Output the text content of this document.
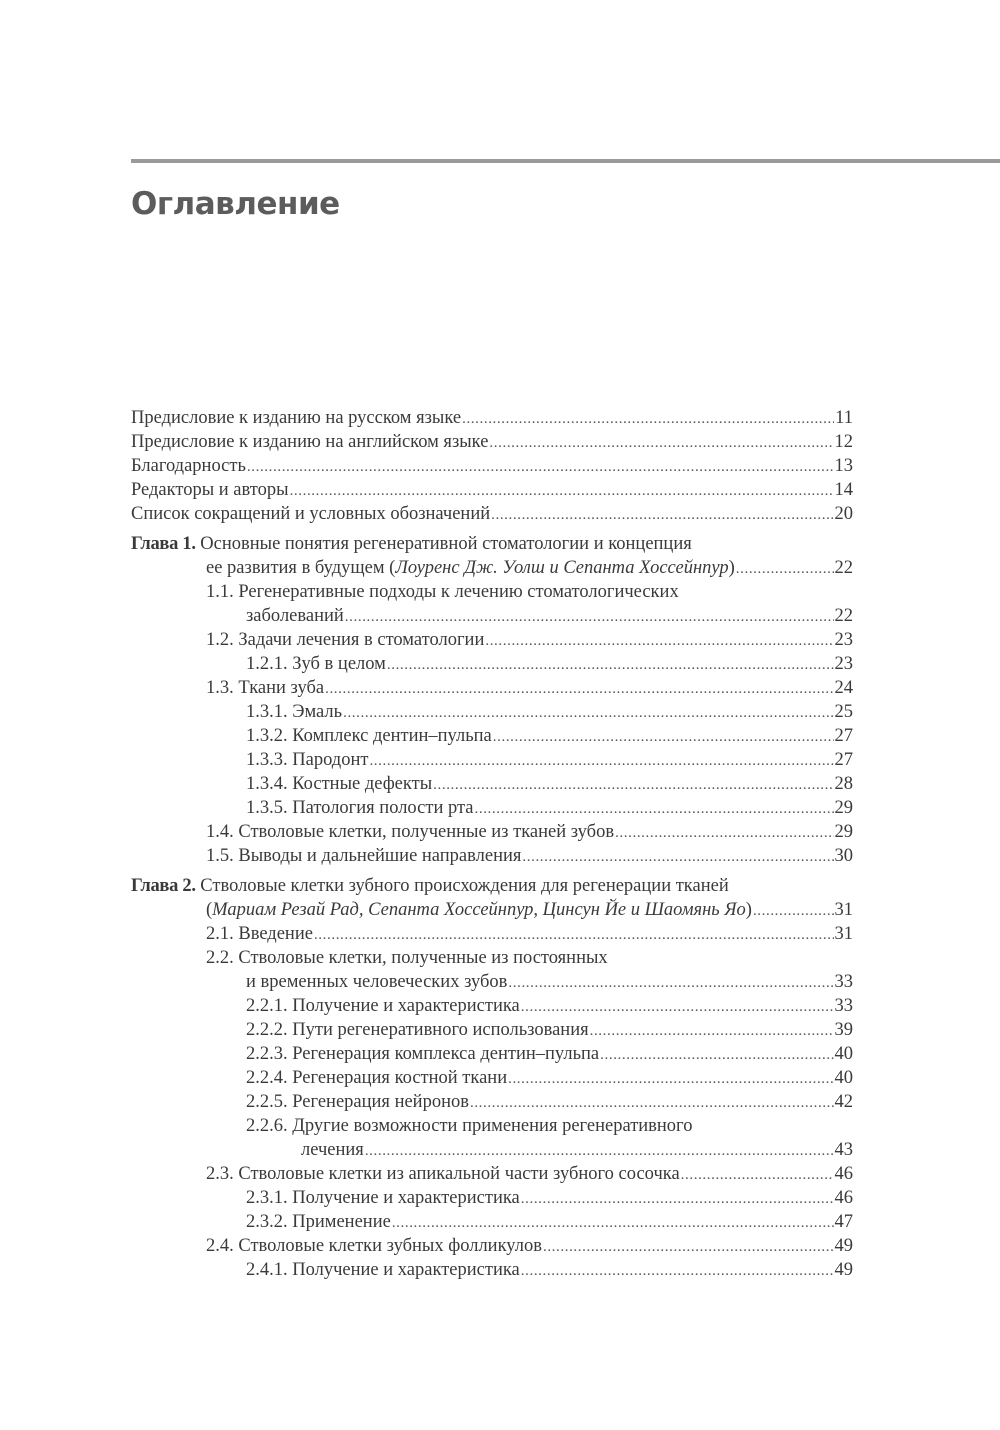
Оглавление
Предисловие к изданию на русском языке .....	11
Предисловие к изданию на английском языке .....	12
Благодарность .....	13
Редакторы и авторы .....	14
Список сокращений и условных обозначений .....	20
Глава 1. Основные понятия регенеративной стоматологии и концепция
ее развития в будущем (Лоуренс Дж. Уолш и Сепанта Хоссейнпур) .....	22
1.1. Регенеративные подходы к лечению стоматологических
заболеваний .....	22
1.2. Задачи лечения в стоматологии .....	23
1.2.1. Зуб в целом .....	23
1.3. Ткани зуба .....	24
1.3.1. Эмаль .....	25
1.3.2. Комплекс дентин–пульпа .....	27
1.3.3. Пародонт .....	27
1.3.4. Костные дефекты .....	28
1.3.5. Патология полости рта .....	29
1.4. Стволовые клетки, полученные из тканей зубов .....	29
1.5. Выводы и дальнейшие направления .....	30
Глава 2. Стволовые клетки зубного происхождения для регенерации тканей
(Мариам Резай Рад, Сепанта Хоссейнпур, Цинсун Йе и Шаомянь Яо) .....	31
2.1. Введение .....	31
2.2. Стволовые клетки, полученные из постоянных
и временных человеческих зубов .....	33
2.2.1. Получение и характеристика .....	33
2.2.2. Пути регенеративного использования .....	39
2.2.3. Регенерация комплекса дентин–пульпа .....	40
2.2.4. Регенерация костной ткани .....	40
2.2.5. Регенерация нейронов .....	42
2.2.6. Другие возможности применения регенеративного
лечения .....	43
2.3. Стволовые клетки из апикальной части зубного сосочка .....	46
2.3.1. Получение и характеристика .....	46
2.3.2. Применение .....	47
2.4. Стволовые клетки зубных фолликулов .....	49
2.4.1. Получение и характеристика .....	49
